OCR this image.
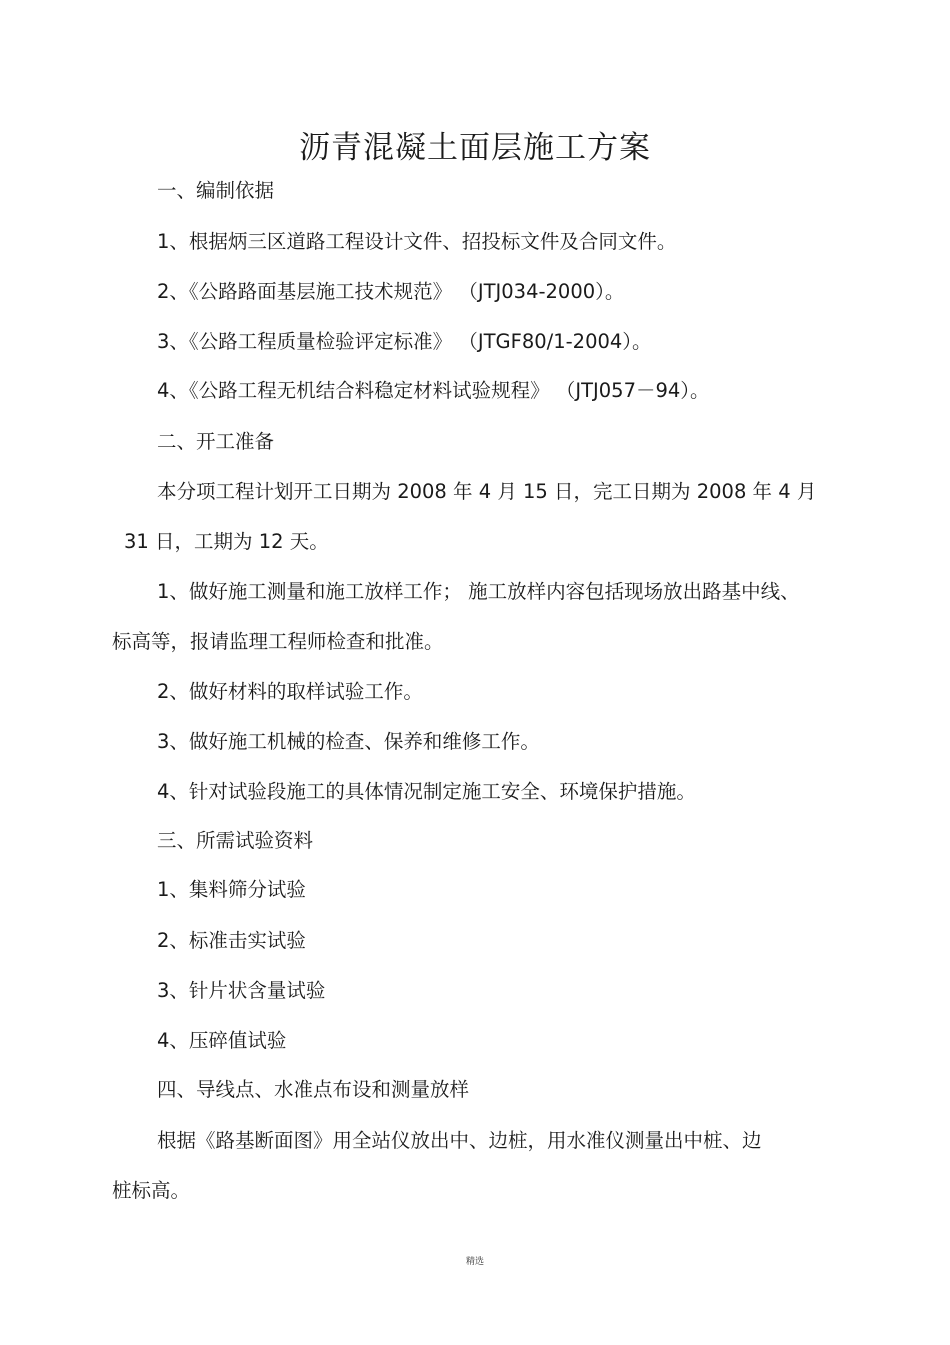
沥青混凝土面层施工方案
一、编制依据
1、根据炳三区道路工程设计文件、招投标文件及合同文件。
2、《公路路面基层施工技术规范》 （JTJ034-2000）。
3、《公路工程质量检验评定标准》 （JTGF80/1-2004）。
4、《公路工程无机结合料稳定材料试验规程》 （JTJ057－94）。
二、开工准备
本分项工程计划开工日期为 2008 年 4 月 15 日，完工日期为 2008 年 4 月
31 日，工期为 12 天。
1、做好施工测量和施工放样工作； 施工放样内容包括现场放出路基中线、
标高等，报请监理工程师检查和批准。
2、做好材料的取样试验工作。
3、做好施工机械的检查、保养和维修工作。
4、针对试验段施工的具体情况制定施工安全、环境保护措施。
三、所需试验资料
1、集料筛分试验
2、标准击实试验
3、针片状含量试验
4、压碎值试验
四、导线点、水准点布设和测量放样
根据《路基断面图》用全站仪放出中、边桩，用水准仪测量出中桩、边
桩标高。
精选
